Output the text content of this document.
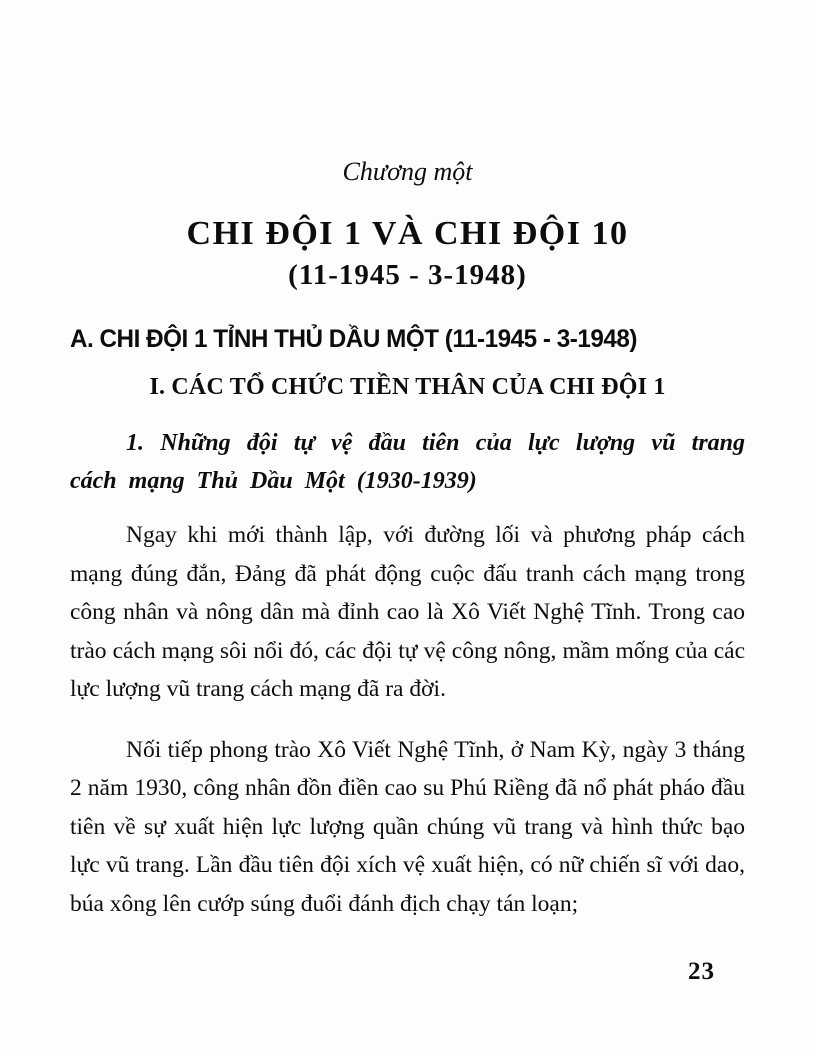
Chương một
CHI ĐỘI 1 VÀ CHI ĐỘI 10
(11-1945 - 3-1948)
A. CHI ĐỘI 1 TỈNH THỦ DẦU MỘT (11-1945 - 3-1948)
I. CÁC TỔ CHỨC TIỀN THÂN CỦA CHI ĐỘI 1
1. Những đội tự vệ đầu tiên của lực lượng vũ trang cách mạng Thủ Dầu Một (1930-1939)

Ngay khi mới thành lập, với đường lối và phương pháp cách mạng đúng đắn, Đảng đã phát động cuộc đấu tranh cách mạng trong công nhân và nông dân mà đỉnh cao là Xô Viết Nghệ Tĩnh. Trong cao trào cách mạng sôi nổi đó, các đội tự vệ công nông, mầm mống của các lực lượng vũ trang cách mạng đã ra đời.

Nối tiếp phong trào Xô Viết Nghệ Tĩnh, ở Nam Kỳ, ngày 3 tháng 2 năm 1930, công nhân đồn điền cao su Phú Riềng đã nổ phát pháo đầu tiên về sự xuất hiện lực lượng quần chúng vũ trang và hình thức bạo lực vũ trang. Lần đầu tiên đội xích vệ xuất hiện, có nữ chiến sĩ với dao, búa xông lên cướp súng đuổi đánh địch chạy tán loạn;

23
